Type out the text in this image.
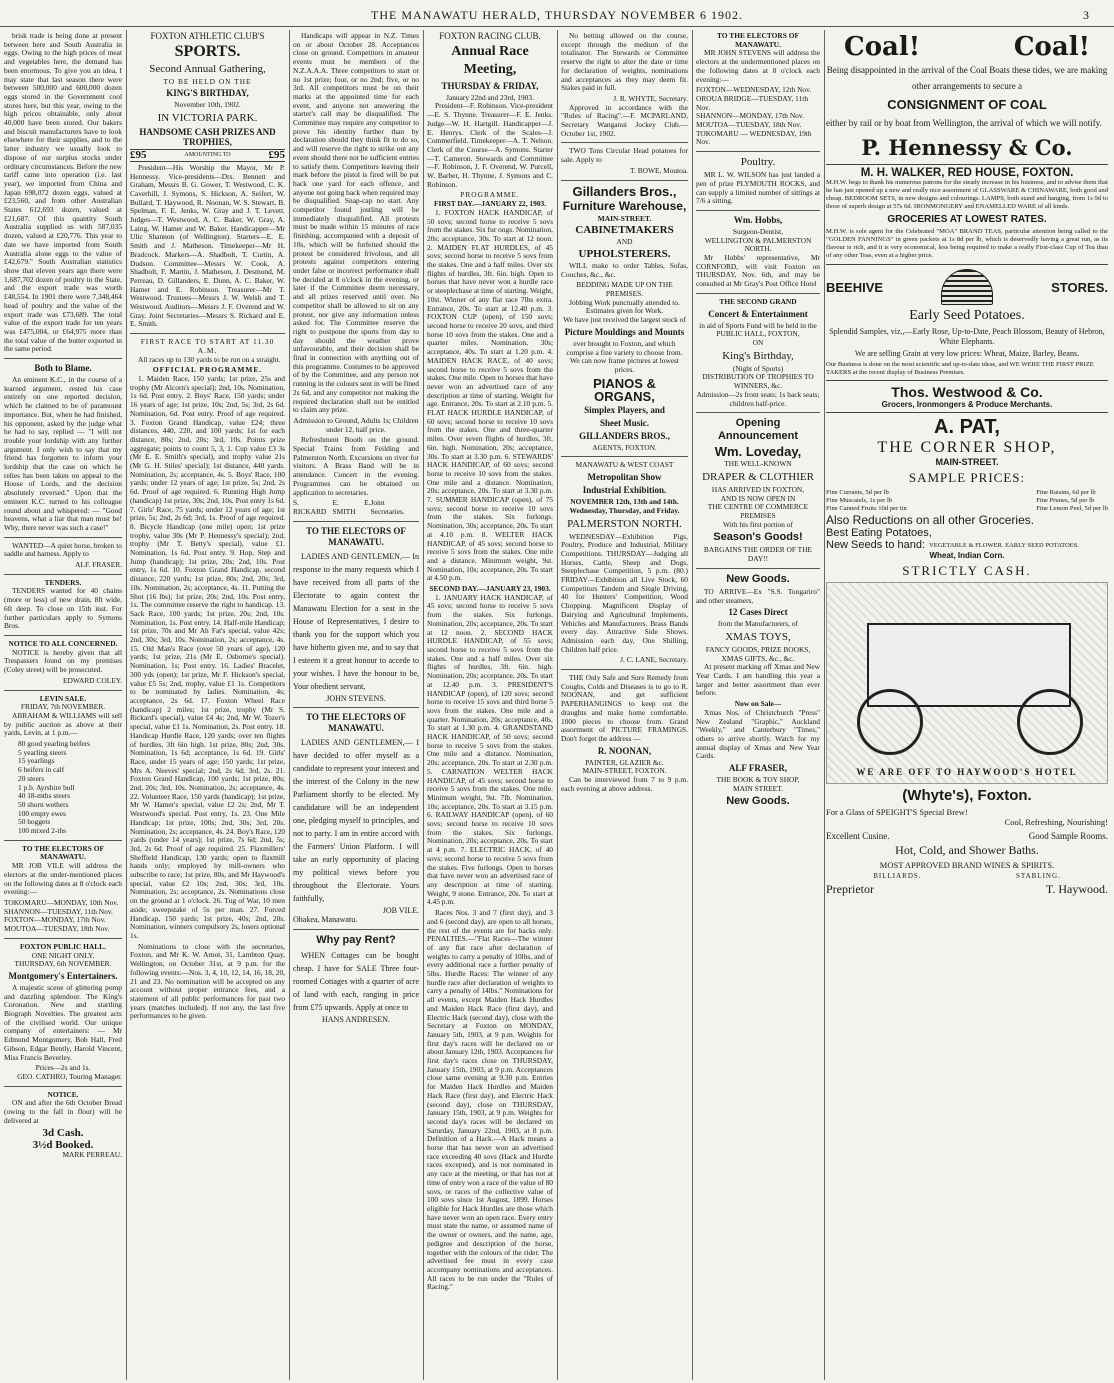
THE MANAWATU HERALD, THURSDAY NOVEMBER 6 1902.	3

brisk trade is being done at present between here and South Australia in eggs. Owing to the high prices of meat and vegetables here, the demand has been enormous. To give you an idea, I may state that last season there were between 500,000 and 600,000 dozen eggs stored in the Government cool stores here, but this year, owing to the high prices obtainable, only about 40,000 have been stored. Our bakers and biscuit manufacturers have to look elsewhere for their supplies, and to the latter industry we usually look to dispose of our surplus stocks under ordinary circumstances. Before the new tariff came into operation (i.e. last year), we imported from China and Japan 698,072 dozen eggs, valued at £23,560, and from other Australian States 612,693 dozen, valued at £21,687. Of this quantity South Australia supplied us with 587,035 dozen, valued at £20,776. This year to date we have imported from South Australia alone eggs to the value of £42,679." South Australian statistics show that eleven years ago there were 1,687,702 dozen of poultry in the State, and the export trade was worth £48,554. In 1901 there were 7,348,464 head of poultry and the value of the export trade was £73,689. The total value of the export trade for ten years was £475,004, or £64,975 more than the total value of the butter exported in the same period.

Both to Blame.

An eminent K.C., in the course of a learned argument, rested his case entirely on one reported decision, which he claimed to be of paramount importance. But, when he had finished, his opponent, asked by the judge what he had to say, replied — "I will not trouble your lordship with any further argument. I only wish to say that my friend has forgotten to inform your lordship that the case on which he relies has been taken on appeal to the House of Lords, and the decision absolutely reversed." Upon that the eminent K.C. turned to his colleague round about and whispered: — "Good heavens, what a liar that man must be! Why, there never was such a case!"

WANTED—A quiet horse, broken to saddle and harness. Apply to

ALF. FRASER.
TENDERS.

TENDERS wanted for 40 chains (more or less) of new drain, 8ft wide, 6ft deep. To close on 15th inst. For further particulars apply to Symons Bros.

NOTICE TO ALL CONCERNED.

NOTICE is hereby given that all Trespassers found on my premises (Coley street) will be prosecuted.

EDWARD COLEY.
LEVIN SALE.
FRIDAY, 7th NOVEMBER.

ABRAHAM & WILLIAMS will sell by public auction as above at their yards, Levin, at 1 p.m.—

80 good yearling heifers
5 yearling steers
15 yearlings
6 heifers in calf
20 steers
1 p.b. Ayrshire bull
40 18-mths steers
50 shorn wethers
100 empty ewes
50 hoggets
100 mixed 2-ths
TO THE ELECTORS OF MANAWATU.

MR JOB VILE will address the electors at the under-mentioned places on the following dates at 8 o'clock each evening:—

TOKOMARU—MONDAY, 10th Nov.
SHANNON—TUESDAY, 11th Nov.
FOXTON—MONDAY, 17th Nov.
MOUTOA—TUESDAY, 18th Nov.
FOXTON PUBLIC HALL.
ONE NIGHT ONLY.
THURSDAY, 6th NOVEMBER.
Montgomery's Entertainers.

A majestic scene of glittering pomp and dazzling splendour. The King's Coronation. New and startling Biograph Novelties. The greatest acts of the civilised world. Our unique company of entertainers: — Mr Edmund Montgomery, Bob Hall, Fred Gibson, Edgar Bently, Harold Vincent, Miss Francis Beverley.

Prices—2s and 1s.
GEO. CATHRO, Touring Manager.
NOTICE.

ON and after the 6th October Bread (owing to the fall in flour) will be delivered at

3d Cash.
3½d Booked.
MARK PERREAU.
FOXTON ATHLETIC CLUB'S
SPORTS.
Second Annual Gathering,
TO BE HELD ON THE
KING'S BIRTHDAY,
November 10th, 1902.
IN VICTORIA PARK.
HANDSOME CASH PRIZES AND TROPHIES,
£95	AMOUNTING TO	£95

President—His Worship the Mayor, Mr P. Hennessy. Vice-presidents—Drs. Bennett and Graham, Messrs B. G. Gower, T. Westwood, C. K. Caverhill, J. Symons, S. Hickson, A. Seifert, W. Bullard, T. Haywood, R. Noonan, W. S. Stewart, B. Spelman, F. E. Jenks, W. Gray and J. T. Levett. Judges—T. Westwood, A. C. Baker, W. Gray, A. Laing, W. Hamer and W. Baker. Handicapper—Mr Ulic Shannon (of Wellington). Starters—E. E. Smith and J. Matheson. Timekeeper—Mr H. Bradcock. Markers—A. Shadbolt, T. Curtin, A. Dudson. Committee—Messrs W. Cook, A. Shadbolt, F. Martin, J. Matheson, J. Desmond, M. Perreau, D. Gillanders, E. Dunn, A. C. Baker, W. Hamer and E. Robinson. Treasurer—Mr T. Westwood. Trustees—Messrs J. W. Welsh and T. Westwood. Auditors—Messrs J. F. Overend and W. Gray. Joint Secretaries—Messrs S. Rickard and E. E. Smith.

FIRST RACE TO START AT 11.30 A.M.

All races up to 130 yards to be run on a straight.

OFFICIAL PROGRAMME.

1. Maiden Race, 150 yards; 1st prize, 25s and trophy (Mr Alcorn's special); 2nd, 10s. Nomination, 1s 6d. Post entry. 2. Boys' Race, 150 yards; under 16 years of age; 1st prize, 10s; 2nd, 5s; 3rd, 2s 6d. Nomination, 6d. Post entry. Proof of age required. 3. Foxton Grand Handicap, value £24; three distances, 440, 220, and 100 yards; 1st for each distance, 80s; 2nd, 20s; 3rd, 10s. Points prize aggregate; points to count 5, 3, 1. Cup value £3 3s (Mr E. E. Smith's special), and trophy value 21s (Mr G. H. Stiles' special); 1st distance, 440 yards. Nomination, 2s; acceptance, 4s. 5. Boys' Race, 100 yards; under 12 years of age; 1st prize, 5s; 2nd, 2s 6d. Proof of age required. 6. Running High Jump (handicap) 1st prize, 30s; 2nd, 10s. Post entry 1s 6d. 7. Girls' Race, 75 yards; under 12 years of age; 1st prize, 5s; 2nd, 2s 6d; 3rd, 1s. Proof of age required. 8. Bicycle Handicap (one mile) open; 1st prize trophy, value 30s (Mr P. Hennessy's special); 2nd, trophy (Mr T. Betty's special), value £1. Nomination, 1s 6d. Post entry. 9. Hop, Step and Jump (handicap); 1st prize, 20s; 2nd, 10s. Post entry, 1s 6d. 10. Foxton Grand Handicap, second distance, 220 yards; 1st prize, 80s; 2nd, 20s; 3rd, 10s. Nomination, 2s; acceptance, 4s. 11. Putting the Shot (16 lbs); 1st prize, 20s; 2nd, 10s. Post entry, 1s. The committee reserve the right to handicap. 13. Sack Race, 100 yards; 1st prize, 20s; 2nd, 10s. Nomination, 1s. Post entry. 14. Half-mile Handicap; 1st prize, 70s and Mr Ah Fat's special, value 42s; 2nd, 30s; 3rd, 10s. Nomination, 2s; acceptance, 4s. 15. Old Man's Race (over 50 years of age), 120 yards; 1st prize, 21s (Mr E. Osborne's special). Nomination, 1s; Post entry. 16. Ladies' Bracelet, 300 yds (open); 1st prize, Mr F. Hickson's special, value £5 5s; 2nd, trophy, value £1 1s. Competitors to be nominated by ladies. Nomination, 4s; acceptance, 2s 6d. 17. Foxton Wheel Race (handicap) 2 miles; 1st prize, trophy (Mr S. Rickard's special), value £4 4s; 2nd, Mr W. Tozer's special, value £1 1s. Nomination, 2s. Post entry. 18. Handicap Hurdle Race, 120 yards; over ten flights of hurdles, 3ft 6in high. 1st prize, 80s; 2nd, 30s. Nomination, 1s 6d; acceptance, 1s 6d. 19. Girls' Race, under 15 years of age; 150 yards; 1st prize, Mrs A. Neeves' special; 2nd, 2s 6d; 3rd, 2s. 21. Foxton Grand Handicap, 100 yards; 1st prize, 80s; 2nd, 20s; 3rd, 10s. Nomination, 2s; acceptance, 4s. 22. Volunteer Race, 150 yards (handicap); 1st prize, Mr W. Hamer's special, value £2 2s; 2nd, Mr T. Westwood's special. Post entry, 1s. 23. One Mile Handicap; 1st prize, 100s; 2nd, 30s; 3rd, 20s. Nomination, 2s; acceptance, 4s. 24. Boy's Race, 120 yards (under 14 years); 1st prize, 7s 6d; 2nd, 5s; 3rd, 2s 6d. Proof of age required. 25. Flaxmillers' Sheffield Handicap, 130 yards; open to flaxmill hands only; employed by mill-owners who subscribe to race; 1st prize, 80s, and Mr Haywood's special, value £2 10s; 2nd, 30s; 3rd, 10s. Nomination, 2s; acceptance, 2s. Nominations close on the ground at 1 o'clock. 26. Tug of War, 10 men aside; sweepstake of 5s per man. 27. Forced Handicap, 150 yards; 1st prize, 40s; 2nd, 20s. Nomination, winners compulsory 2s, losers optional 1s.

Nominations to close with the secretaries, Foxton, and Mr K. W. Arnot, 31, Lambton Quay, Wellington, on October 31st, at 9 p.m. for the following events:—Nos. 3, 4, 10, 12, 14, 16, 18, 20, 21 and 23. No nomination will be accepted on any account without proper entrance fees, and a statement of all public performances for past two years (matches included). If not any, the last five performances to be given.

Handicaps will appear in N.Z. Times on or about October 28. Acceptances close on ground. Competitors in amateur events must be members of the N.Z.A.A.A. Three competitors to start or no 1st prize; four, or no 2nd; five, or no 3rd. All competitors must be on their marks at the appointed time for each event, and anyone not answering the starter's call may be disqualified. The Committee may require any competitor to prove his identity further than by declaration should they think fit to do so, and will reserve the right to strike out any event should there not be sufficient entries to satisfy them. Competitors leaving their mark before the pistol is fired will be put back one yard for each offence, and anyone not going back when required may be disqualified. Snap-cap no start. Any competitor found jostling will be immediately disqualified. All protests must be made within 15 minutes of race finishing, accompanied with a deposit of 10s, which will be forfeited should the protest be considered frivolous, and all protests against competitors entering under false or incorrect performance shall be decided at 8 o'clock in the evening, or later if the Committee deem necessary, and all prizes reserved until over. No competitor shall be allowed to sit on any protest, nor give any information unless asked for. The Committee reserve the right to postpone the sports from day to day should the weather prove unfavourable, and their decision shall be final in connection with anything out of this programme. Costumes to be approved of by the Committee, and any person not running in the colours sent in will be fined 2s 6d, and any competitor not making the required declaration shall not be entitled to claim any prize.

Admission to Ground, Adults 1s; Children under 12, half price.

Refreshment Booth on the ground. Special Trains from Feilding and Palmerston North. Excursions on river for visitors. A Brass Band will be in attendance. Concert in the evening. Programmes can be obtained on application to secretaries.

S. RICKARD
E. E. SMITH
Joint Secretaries.
TO THE ELECTORS OF MANAWATU.

LADIES AND GENTLEMEN,— In response to the many requests which I have received from all parts of the Electorate to again contest the Manawatu Election for a seat in the House of Representatives, I desire to thank you for the support which you have hitherto given me, and to say that I esteem it a great honour to accede to your wishes. I have the honour to be, Your obedient servant,

JOHN STEVENS.
TO THE ELECTORS OF MANAWATU.

LADIES AND GENTLEMEN,— I have decided to offer myself as a candidate to represent your interest and the interest of the Colony in the new Parliament shortly to be elected. My candidature will be an independent one, pledging myself to principles, and not to party. I am in entire accord with the Farmers' Union Platform. I will take an early opportunity of placing my political views before you throughout the Electorate. Yours faithfully,

JOB VILE.
Ohakea, Manawatu.
Why pay Rent?

WHEN Cottages can be bought cheap. I have for SALE Three four-roomed Cottages with a quarter of acre of land with each, ranging in price from £75 upwards. Apply at once to

HANS ANDRESEN.
FOXTON RACING CLUB.
Annual Race Meeting,
THURSDAY & FRIDAY,
January 22nd and 23rd, 1903.

President—F. Robinson. Vice-president—E. S. Thynne. Treasurer—F. E. Jenks. Judge—W. H. Hartgill. Handicapper—J. E. Henrys. Clerk of the Scales—J. Commerfield. Timekeeper—A. T. Nelson. Clerk of the Course—A. Symons. Starter—T. Cameron. Stewards and Committee—F. Robinson, J. F. Overend, W. Purcell, W. Barber, H. Thynne, J. Symons and C. Robinson.

PROGRAMME.
FIRST DAY.—JANUARY 22, 1903.

1. FOXTON HACK HANDICAP, of 50 sovs; second horse to receive 5 sovs from the stakes. Six fur ongs. Nomination, 20s; acceptance, 30s. To start at 12 noon. 2. MAIDEN FLAT HURDLES, of 45 sovs; second horse to receive 5 sovs from the stakes. One and a half miles. Over six flights of hurdles, 3ft. 6in. high. Open to horses that have never won a hurdle race or steeplechase at time of starting. Weight, 10st. Winner of any flat race 7lbs extra. Entrance, 20s. To start at 12.40 p.m. 3. FOXTON CUP (open), of 150 sovs; second horse to receive 20 sovs, and third horse 10 sovs from the stakes. One and a quarter miles. Nomination, 30s; acceptance, 40s. To start at 1.20 p.m. 4. MAIDEN HACK RACE, of 40 sovs; second horse to receive 5 sovs from the stakes. One mile. Open to horses that have never won an advertised race of any description at time of starting. Weight for age. Entrance, 20s. To start at 2.10 p.m. 5. FLAT HACK HURDLE HANDICAP, of 60 sovs; second horse to receive 10 sovs from the stakes. One and three-quarter miles. Over seven flights of hurdles, 3ft. 6in. high. Nomination, 20s; acceptance, 30s. To start at 3.30 p.m. 6. STEWARDS' HACK HANDICAP, of 60 sovs; second horse to receive 10 sovs from the stakes. One mile and a distance. Nomination, 20s; acceptance, 20s. To start at 3.30 p.m. 7. SUMMER HANDICAP (open), of 75 sovs; second horse to receive 10 sovs from the stakes. Six furlongs. Nomination, 30s; acceptance, 20s. To start at 4.10 p.m. 8. WELTER HACK HANDICAP, of 45 sovs; second horse to receive 5 sovs from the stakes. One mile and a distance. Minimum weight, 9st. Nomination, 10s; acceptance, 20s. To start at 4.50 p.m.

SECOND DAY.—JANUARY 23, 1903.

1. JANUARY HACK HANDICAP, of 45 sovs; second horse to receive 5 sovs from the stakes. Six furlongs. Nomination, 20s; acceptance, 20s. To start at 12 noon. 2. SECOND HACK HURDLE HANDICAP, of 55 sovs; second horse to receive 5 sovs from the stakes. One and a half miles. Over six flights of hurdles, 3ft. 6in. high. Nomination, 20s; acceptance, 20s. To start at 12.40 p.m. 3. PRESIDENT'S HANDICAP (open), of 120 sovs; second horse to receive 15 sovs and third horse 5 sovs from the stakes. One mile and a quarter. Nomination, 20s; acceptance, 40s. To start at 1.30 p.m. 4. GRANDSTAND HACK HANDICAP, of 50 sovs; second horse to receive 5 sovs from the stakes. One mile and a distance. Nomination, 20s; acceptance, 20s. To start at 2.30 p.m. 5. CARNATION WELTER HACK HANDICAP, of 45 sovs; second horse to receive 5 sovs from the stakes. One mile. Minimum weight, 9st. 7lb. Nomination, 10s; acceptance, 20s. To start at 3.15 p.m. 6. RAILWAY HANDICAP (open), of 60 sovs; second horse to receive 10 sovs from the stakes. Six furlongs. Nomination, 20s; acceptance, 20s. To start at 4 p.m. 7. ELECTRIC HACK, of 40 sovs; second horse to receive 5 sovs from the stakes. Five furlongs. Open to horses that have never won an advertised race of any description at time of starting. Weight, 9 stone. Entrance, 20s. To start at 4.45 p.m.

Races Nos. 3 and 7 (first day), and 3 and 6 (second day), are open to all horses, the rest of the events are for hacks only. PENALTIES.—"Flat Races—The winner of any flat race after declaration of weights to carry a penalty of 10lbs, and of every additional race a further penalty of 5lbs. Hurdle Races: The winner of any hurdle race after declaration of weights to carry a penalty of 14lbs." Nominations for all events, except Maiden Hack Hurdles and Maiden Hack Race (first day), and Electric Hack (second day), close with the Secretary at Foxton on MONDAY, January 5th, 1903, at 9 p.m. Weights for first day's races will be declared on or about January 12th, 1903. Acceptances for first day's races close on THURSDAY, January 15th, 1903, at 9 p.m. Acceptances close same evening at 9.30 p.m. Entries for Maiden Hack Hurdles and Maiden Hack Race (first day), and Electric Hack (second day), close on THURSDAY, January 15th, 1903, at 9 p.m. Weights for second day's races will be declared on Saturday, January 22nd, 1903, at 8 p.m. Definition of a Hack.—A Hack means a horse that has never won an advertised race exceeding 40 sovs (Hack and Hurdle races excepted), and is not nominated in any race at the meeting, or that has not at time of entry won a race of the value of 80 sovs, or races of the collective value of 100 sovs since 1st August, 1899. Horses eligible for Hack Hurdles are those which have never won an open race. Every entry must state the name, or assumed name of the owner or owners, and the name, age, pedigree and description of the horse, together with the colours of the rider. The advertised fee must in every case accompany nominations and acceptances. All races to be run under the "Rules of Racing."

No betting allowed on the course, except through the medium of the totalisator. The Stewards or Committee reserve the right to alter the date or time for declaration of weights, nominations and acceptances as they may deem fit. Stakes paid in full.

J. R. WHYTE, Secretary.

Approved in accordance with the "Rules of Racing".—F. MCPARLAND, Secretary Wanganui Jockey Club.—October 1st, 1902.

TWO Tons Circular Head potatoes for sale. Apply to

T. BOWE, Moutoa.
Gillanders Bros.,
Furniture Warehouse,
MAIN-STREET.
CABINETMAKERS
AND
UPHOLSTERERS.

WILL make to order Tables, Sofas, Couches, &c., &c.

BEDDING MADE UP ON THE PREMISES.
Jobbing Work punctually attended to.
Estimates given for Work.
We have just received the largest stock of
Picture Mouldings and Mounts

ever brought to Foxton, and which comprise a fine variety to choose from. We can now frame pictures at lowest prices.

PIANOS & ORGANS,
Simplex Players, and
Sheet Music.
GILLANDERS BROS.,
AGENTS, FOXTON.
MANAWATU & WEST COAST
Metropolitan Show
Industrial Exhibition.
NOVEMBER 12th, 13th and 14th. Wednesday, Thursday, and Friday.
PALMERSTON NORTH.

WEDNESDAY—Exhibition Pigs, Poultry, Produce and Industrial, Military Competitions. THURSDAY—Judging all Horses, Cattle, Sheep and Dogs, Steeplechase Competition, 5 p.m. (80.) FRIDAY—Exhibition all Live Stock, 60 Competitors Tandem and Single Driving, 40 for Hunters' Competition, Wood Chopping. Magnificent Display of Dairying and Agricultural Implements, Vehicles and Manufacturers. Brass Bands every day. Attractive Side Shows. Admission each day, One Shilling, Children half price.

J. C. LANE, Secretary.

THE Only Safe and Sure Remedy from Coughs, Colds and Diseases is to go to R. NOONAN, and get sufficient PAPERHANGINGS to keep out the draughts and make home comfortable. 1000 pieces to choose from. Grand assortment of PICTURE FRAMINGS. Don't forget the address —

R. NOONAN,
PAINTER, GLAZIER &c.
MAIN-STREET, FOXTON.

Can be interviewed from 7 to 9 p.m. each evening at above address.

TO THE ELECTORS OF MANAWATU.

MR JOHN STEVENS will address the electors at the undermentioned places on the following dates at 8 o'clock each evening:—

FOXTON—WEDNESDAY, 12th Nov.
OROUA BRIDGE—TUESDAY, 11th Nov.
SHANNON—MONDAY, 17th Nov.
MOUTOA—TUESDAY, 18th Nov.
TOKOMARU — WEDNESDAY, 19th Nov.
Poultry.

MR L. W. WILSON has just landed a pen of prize PLYMOUTH ROCKS, and can supply a limited number of sittings at 7/6 a sitting.

Wm. Hobbs,
Surgeon-Dentist,
WELLINGTON & PALMERSTON NORTH.

Mr Hobbs' representative, Mr CORNFORD, will visit Foxton on THURSDAY, Nov. 6th, and may be consulted at Mr Gray's Post Office Hotel

THE SECOND GRAND
Concert & Entertainment
in aid of Sports Fund will be held in the PUBLIC HALL, FOXTON,
ON
King's Birthday,
(Night of Sports)
DISTRIBUTION OF TROPHIES TO WINNERS, &c.

Admission—2s front seats; 1s back seats; children half-price.

Opening Announcement
Wm. Loveday,
THE WELL-KNOWN
DRAPER & CLOTHIER
HAS ARRIVED IN FOXTON,
AND IS NOW OPEN IN
THE CENTRE OF COMMERCE PREMISES
With his first portion of
Season's Goods!
BARGAINS THE ORDER OF THE DAY!!
New Goods.

TO ARRIVE—Ex "S.S. Tongariro" and other steamers,

12 Cases Direct
from the Manufacturers, of
XMAS TOYS,
FANCY GOODS, PRIZE BOOKS, XMAS GIFTS, &c., &c.

At present marking off Xmas and New Year Cards. I am handling this year a larger and better assortment than ever before.

Now on Sale—

Xmas Nos. of Christchurch "Press" New Zealand "Graphic," Auckland "Weekly," and Canterbury "Times," others to arrive shortly. Watch for my annual display of Xmas and New Year Cards.

ALF FRASER,
THE BOOK & TOY SHOP,
MAIN STREET.
New Goods.
Coal!	Coal!
Being disappointed in the arrival of the Coal Boats these tides, we are making other arrangements to secure a
CONSIGNMENT OF COAL
either by rail or by boat from Wellington, the arrival of which we will notify.
P. Hennessy & Co.
M. H. WALKER, RED HOUSE, FOXTON.
M.H.W. begs to thank his numerous patrons for the steady increase in his business, and to advise them that he has just opened up a new and really nice assortment of GLASSWARE & CHINAWARE, both good and cheap. BEDROOM SETS, in new designs and colourings. LAMPS, both stand and hanging, from 1s 9d to those of superb design at 57s 6d. IRONMONGERY and ENAMELLED WARE of all kinds.
GROCERIES AT LOWEST RATES.
M.H.W. is sole agent for the Celebrated "MOA" BRAND TEAS, particular attention being called to the "GOLDEN FANNINGS" in green packets at 1s 8d per lb, which is deservedly having a great run, as its flavour is rich, and it is very economical, less being required to make a really First-class Cup of Tea than of any other Teas, even at a higher price.
BEEHIVE	STORES.
Early Seed Potatoes.
Splendid Samples, viz.,—Early Rose, Up-to-Date, Peach Blossom, Beauty of Hebron, White Elephants.
We are selling Grain at very low prices: Wheat, Maize, Barley, Beans.
Our Business is done on the most scientific and up-to-date ideas, and WE WERE THE FIRST PRIZE TAKERS at the recent display of Business Premises.
Thos. Westwood & Co.
Grocers, Ironmongers & Produce Merchants.
A. PAT,
THE CORNER SHOP,
MAIN-STREET.
SAMPLE PRICES:
Fine Currants, 5d per lb
Fine Muscatels, 1s per lb
Fine Canned Fruits 10d per tin
Fine Raisins, 6d per lb
Fine Prunes, 5d per lb
Fine Lemon Peel, 5d per lb
Also Reductions on all other Groceries.
Best Eating Potatoes,
New Seeds to hand: VEGETABLE & FLOWER. EARLY SEED POTATOES.
Wheat, Indian Corn.
STRICTLY CASH.
WE ARE OFF TO HAYWOOD'S HOTEL
(Whyte's), Foxton.
For a Glass of SPEIGHT'S Special Brew!
Cool, Refreshing, Nourishing!
Excellent Cusine.	Good Sample Rooms.
Hot, Cold, and Shower Baths.
MOST APPROVED BRAND WINES & SPIRITS.
BILLIARDS.	STABLING.
Preprietor	T. Haywood.
